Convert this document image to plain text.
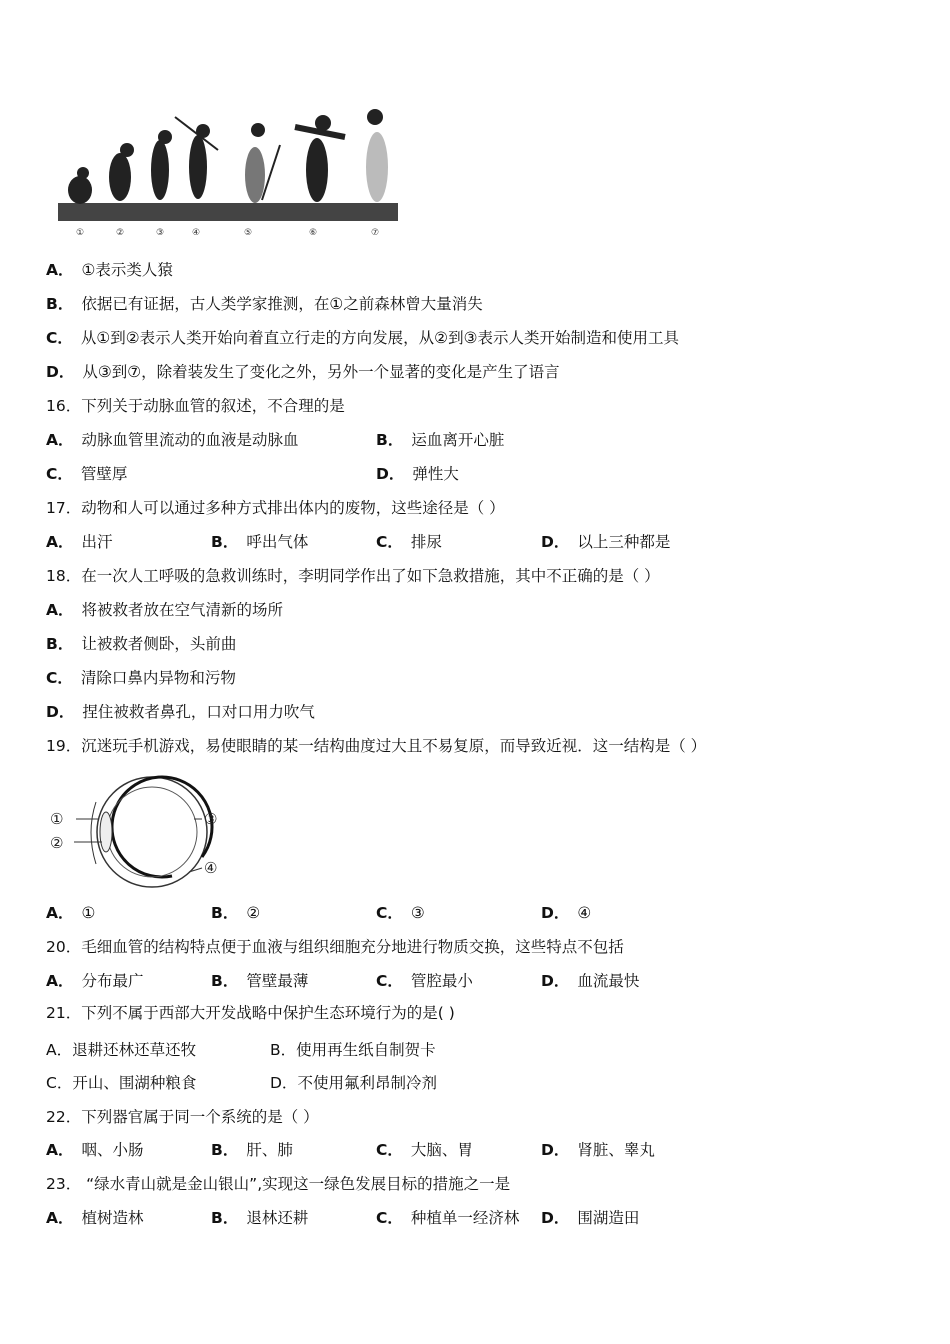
①	②	③	④	⑤	⑥	⑦
A． ①表示类人猿
B． 依据已有证据，古人类学家推测，在①之前森林曾大量消失
C． 从①到②表示人类开始向着直立行走的方向发展，从②到③表示人类开始制造和使用工具
D． 从③到⑦，除着装发生了变化之外，另外一个显著的变化是产生了语言
16．下列关于动脉血管的叙述，不合理的是
A． 动脉血管里流动的血液是动脉血	B． 运血离开心脏
C． 管壁厚	D． 弹性大
17．动物和人可以通过多种方式排出体内的废物，这些途径是（ ）
A． 出汗	B． 呼出气体	C． 排尿	D． 以上三种都是
18．在一次人工呼吸的急救训练时，李明同学作出了如下急救措施，其中不正确的是（ ）
A． 将被救者放在空气清新的场所
B． 让被救者侧卧，头前曲
C． 清除口鼻内异物和污物
D． 捏住被救者鼻孔，口对口用力吹气
19．沉迷玩手机游戏，易使眼睛的某一结构曲度过大且不易复原，而导致近视．这一结构是（ ）
①
②
③
④
A． ①	B． ②	C． ③	D． ④
20．毛细血管的结构特点便于血液与组织细胞充分地进行物质交换，这些特点不包括
A． 分布最广	B． 管壁最薄	C． 管腔最小	D． 血流最快
21．下列不属于西部大开发战略中保护生态环境行为的是( )
A．退耕还林还草还牧	B．使用再生纸自制贺卡
C．开山、围湖种粮食	D．不使用氟利昂制冷剂
22．下列器官属于同一个系统的是（ ）
A． 咽、小肠	B． 肝、肺	C． 大脑、胃	D． 肾脏、睾丸
23． “绿水青山就是金山银山”,实现这一绿色发展目标的措施之一是
A． 植树造林	B． 退林还耕	C． 种植单一经济林 D． 围湖造田
